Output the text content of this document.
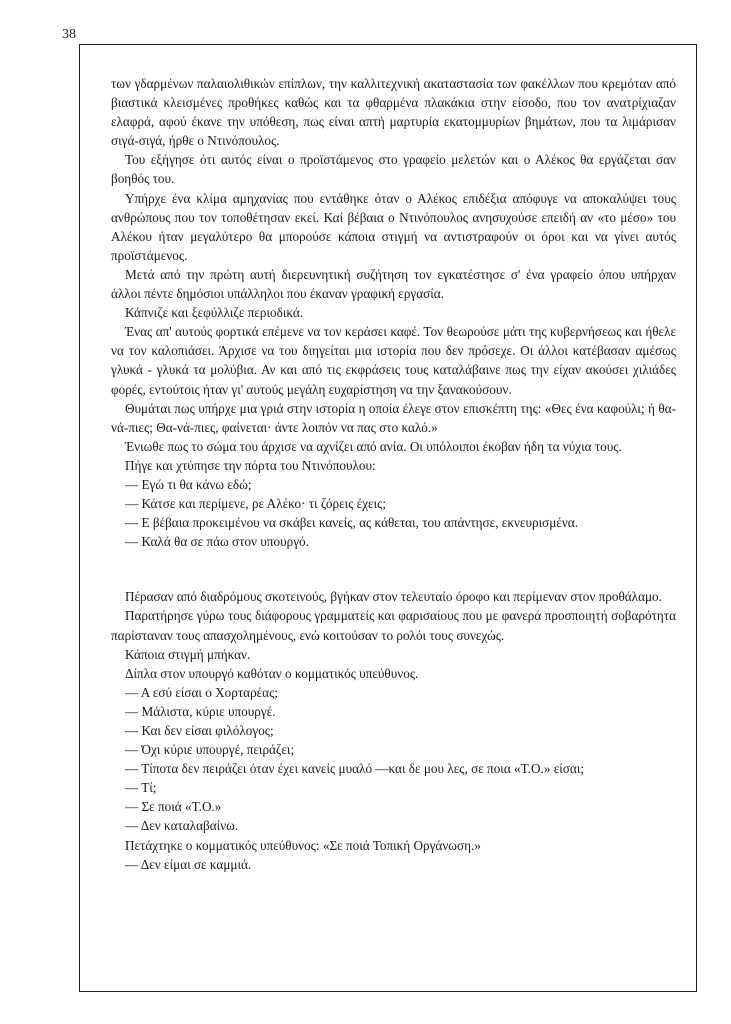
38

των γδαρμένων παλαιολιθικών επίπλων, την καλλιτεχνική ακαταστασία των φακέλλων που κρεμόταν από βιαστικά κλεισμένες προθήκες καθώς και τα φθαρμένα πλακάκια στην είσοδο, που τον ανατρίχιαζαν ελαφρά, αφού έκανε την υπόθεση, πως είναι απτή μαρτυρία εκατομμυρίων βημάτων, που τα λιμάρισαν σιγά-σιγά, ήρθε ο Ντινόπουλος.

Του εξήγησε ότι αυτός είναι ο προϊστάμενος στο γραφείο μελετών και ο Αλέκος θα εργάζεται σαν βοηθός του.

Υπήρχε ένα κλίμα αμηχανίας που εντάθηκε όταν ο Αλέκος επιδέξια απόφυγε να αποκαλύψει τους ανθρώπους που τον τοποθέτησαν εκεί. Καί βέβαια ο Ντινόπουλος ανησυχούσε επειδή αν «το μέσο» του Αλέκου ήταν μεγαλύτερο θα μπορούσε κάποια στιγμή να αντιστραφούν οι όροι και να γίνει αυτός προϊστάμενος.

Μετά από την πρώτη αυτή διερευνητική συζήτηση τον εγκατέστησε σ' ένα γραφείο όπου υπήρχαν άλλοι πέντε δημόσιοι υπάλληλοι που έκαναν γραφική εργασία.

Κάπνιζε και ξεφύλλιζε περιοδικά.

Ένας απ' αυτούς φορτικά επέμενε να τον κεράσει καφέ. Τον θεωρούσε μάτι της κυβερνήσεως και ήθελε να τον καλοπιάσει. Άρχισε να του διηγείται μια ιστορία που δεν πρόσεχε. Οι άλλοι κατέβασαν αμέσως γλυκά - γλυκά τα μολύβια. Αν και από τις εκφράσεις τους καταλάβαινε πως την είχαν ακούσει χιλιάδες φορές, εντούτοις ήταν γι' αυτούς μεγάλη ευχαρίστηση να την ξανακούσουν.

Θυμάται πως υπήρχε μια γριά στην ιστορία η οποία έλεγε στον επισκέπτη της: «Θες ένα καφούλι; ή θα-νά-πιες; Θα-νά-πιες, φαίνεται· άντε λοιπόν να πας στο καλό.»

Ένιωθε πως το σώμα του άρχισε να αχνίζει από ανία. Οι υπόλοιποι έκοβαν ήδη τα νύχια τους.

Πήγε και χτύπησε την πόρτα του Ντινόπουλου:

— Εγώ τι θα κάνω εδώ;

— Κάτσε και περίμενε, ρε Αλέκο· τι ζόρεις έχεις;

— Ε βέβαια προκειμένου να σκάβει κανείς, ας κάθεται, του απάντησε, εκνευρισμένα.

— Καλά θα σε πάω στον υπουργό.

Πέρασαν από διαδρόμους σκοτεινούς, βγήκαν στον τελευταίο όροφο και περίμεναν στον προθάλαμο.

Παρατήρησε γύρω τους διάφορους γραμματείς και φαρισαίους που με φανερά προσποιητή σοβαρότητα παρίσταναν τους απασχολημένους, ενώ κοιτούσαν το ρολόι τους συνεχώς.

Κάποια στιγμή μπήκαν.

Δίπλα στον υπουργό καθόταν ο κομματικός υπεύθυνος.

— Α εσύ είσαι ο Χορταρέας;

— Μάλιστα, κύριε υπουργέ.

— Και δεν είσαι φιλόλογος;

— Όχι κύριε υπουργέ, πειράζει;

— Τίποτα δεν πειράζει όταν έχει κανείς μυαλό —και δε μου λες, σε ποια «Τ.Ο.» είσαι;

— Τί;

— Σε ποιά «Τ.Ο.»

— Δεν καταλαβαίνω.

Πετάχτηκε ο κομματικός υπεύθυνος: «Σε ποιά Τοπική Οργάνωση.»

— Δεν είμαι σε καμμιά.
